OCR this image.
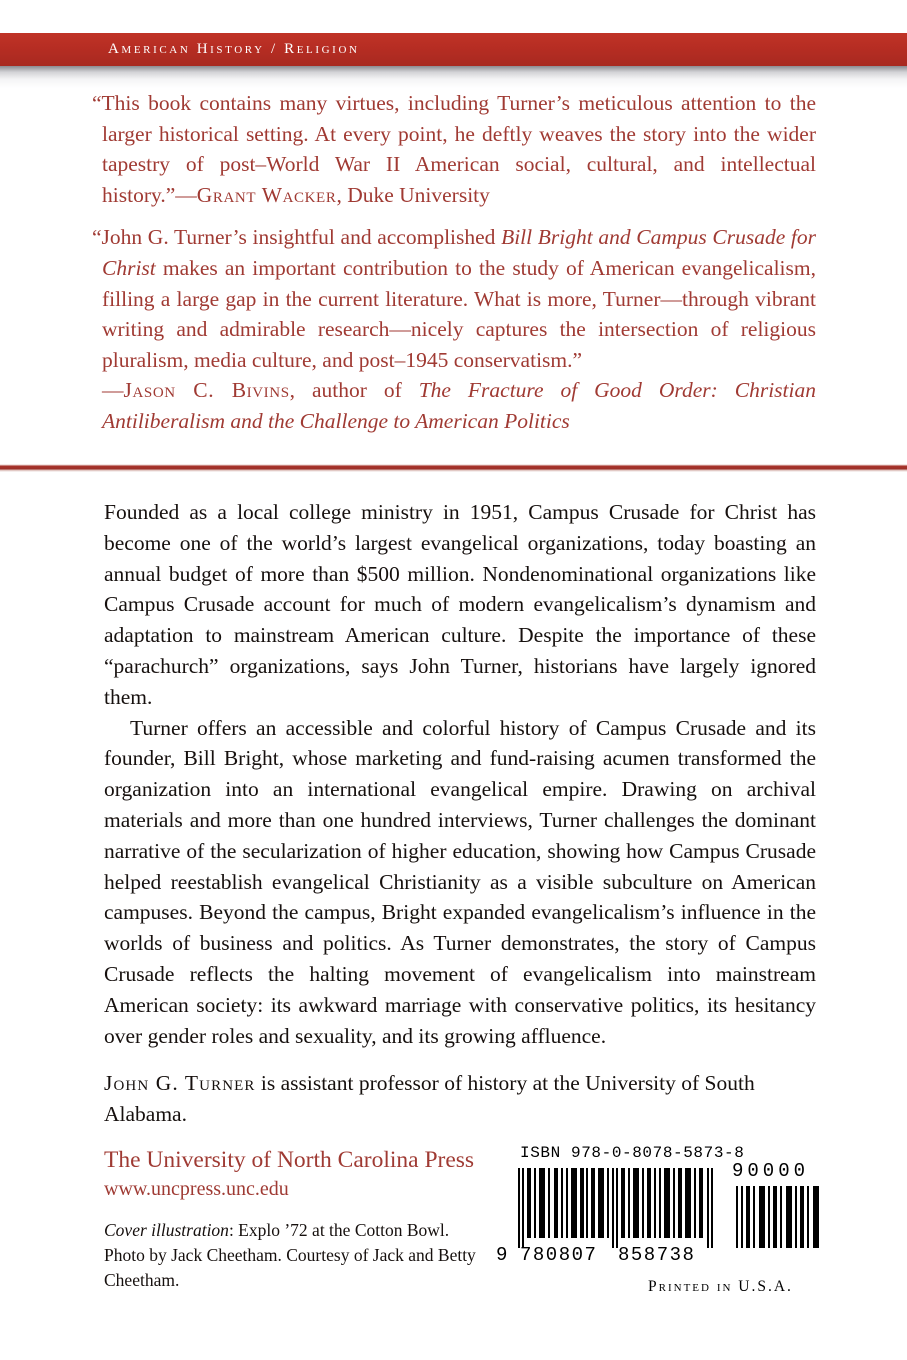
American History / Religion

“This book contains many virtues, including Turner’s meticulous attention to the larger historical setting. At every point, he deftly weaves the story into the wider tapestry of post–World War II American social, cultural, and intellectual history.”—Grant Wacker, Duke University

“John G. Turner’s insightful and accomplished Bill Bright and Campus Crusade for Christ makes an important contribution to the study of American evangelicalism, filling a large gap in the current literature. What is more, Turner—through vibrant writing and admirable research—nicely captures the intersection of religious pluralism, media culture, and post–1945 conservatism.”
—Jason C. Bivins, author of The Fracture of Good Order: Christian Antiliberalism and the Challenge to American Politics

Founded as a local college ministry in 1951, Campus Crusade for Christ has become one of the world’s largest evangelical organizations, today boasting an annual budget of more than $500 million. Nondenominational organizations like Campus Crusade account for much of modern evangelicalism’s dynamism and adaptation to mainstream American culture. Despite the importance of these “parachurch” organizations, says John Turner, historians have largely ignored them.

Turner offers an accessible and colorful history of Campus Crusade and its founder, Bill Bright, whose marketing and fund-raising acumen transformed the organization into an international evangelical empire. Drawing on archival materials and more than one hundred interviews, Turner challenges the dominant narrative of the secularization of higher education, showing how Campus Crusade helped reestablish evangelical Christianity as a visible subculture on American campuses. Beyond the campus, Bright expanded evangelicalism’s influence in the worlds of business and politics. As Turner demonstrates, the story of Campus Crusade reflects the halting movement of evangelicalism into mainstream American society: its awkward marriage with conservative politics, its hesitancy over gender roles and sexuality, and its growing affluence.

John G. Turner is assistant professor of history at the University of South Alabama.
The University of North Carolina Press
www.uncpress.unc.edu
Cover illustration: Explo ’72 at the Cotton Bowl. Photo by Jack Cheetham. Courtesy of Jack and Betty Cheetham.
ISBN 978-0-8078-5873-8
90000
9 780807 858738
Printed in U.S.A.
